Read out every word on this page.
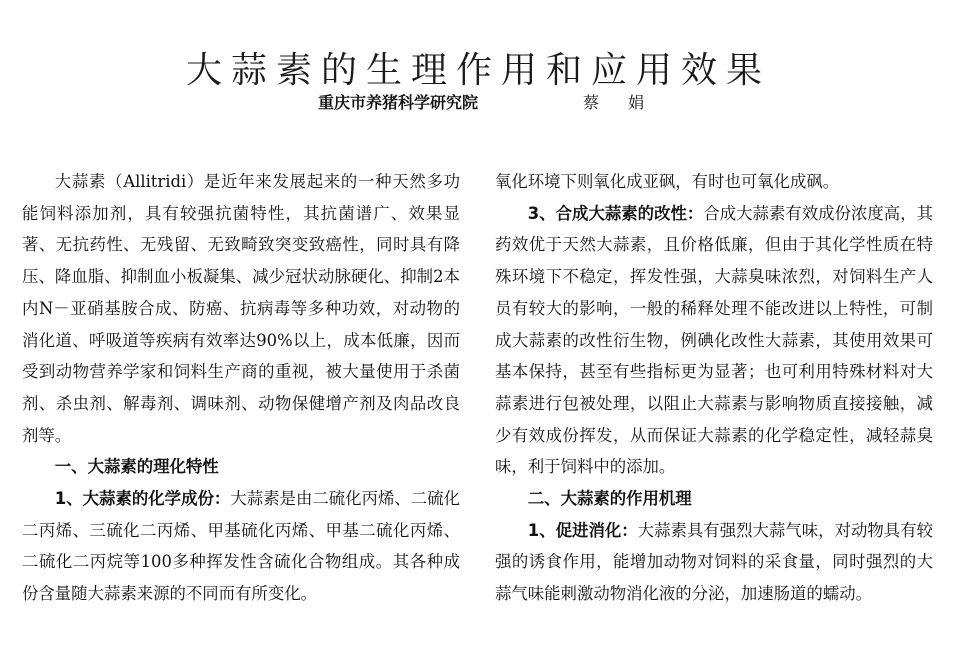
大蒜素的生理作用和应用效果
重庆市养猪科学研究院	蔡 娟

大蒜素（Allitridi）是近年来发展起来的一种天然多功能饲料添加剂，具有较强抗菌特性，其抗菌谱广、效果显著、无抗药性、无残留、无致畸致突变致癌性，同时具有降压、降血脂、抑制血小板凝集、减少冠状动脉硬化、抑制2本内N－亚硝基胺合成、防癌、抗病毒等多种功效，对动物的消化道、呼吸道等疾病有效率达90%以上，成本低廉，因而受到动物营养学家和饲料生产商的重视，被大量使用于杀菌剂、杀虫剂、解毒剂、调味剂、动物保健增产剂及肉品改良剂等。

一、大蒜素的理化特性

1、大蒜素的化学成份：大蒜素是由二硫化丙烯、二硫化二丙烯、三硫化二丙烯、甲基硫化丙烯、甲基二硫化丙烯、二硫化二丙烷等100多种挥发性含硫化合物组成。其各种成份含量随大蒜素来源的不同而有所变化。

氧化环境下则氧化成亚砜，有时也可氧化成砜。

3、合成大蒜素的改性：合成大蒜素有效成份浓度高，其药效优于天然大蒜素，且价格低廉，但由于其化学性质在特殊环境下不稳定，挥发性强，大蒜臭味浓烈，对饲料生产人员有较大的影响，一般的稀释处理不能改进以上特性，可制成大蒜素的改性衍生物，例碘化改性大蒜素，其使用效果可基本保持，甚至有些指标更为显著；也可利用特殊材料对大蒜素进行包被处理，以阻止大蒜素与影响物质直接接触，减少有效成份挥发，从而保证大蒜素的化学稳定性，减轻蒜臭味，利于饲料中的添加。

二、大蒜素的作用机理

1、促进消化：大蒜素具有强烈大蒜气味，对动物具有较强的诱食作用，能增加动物对饲料的采食量，同时强烈的大蒜气味能刺激动物消化液的分泌，加速肠道的蠕动。
